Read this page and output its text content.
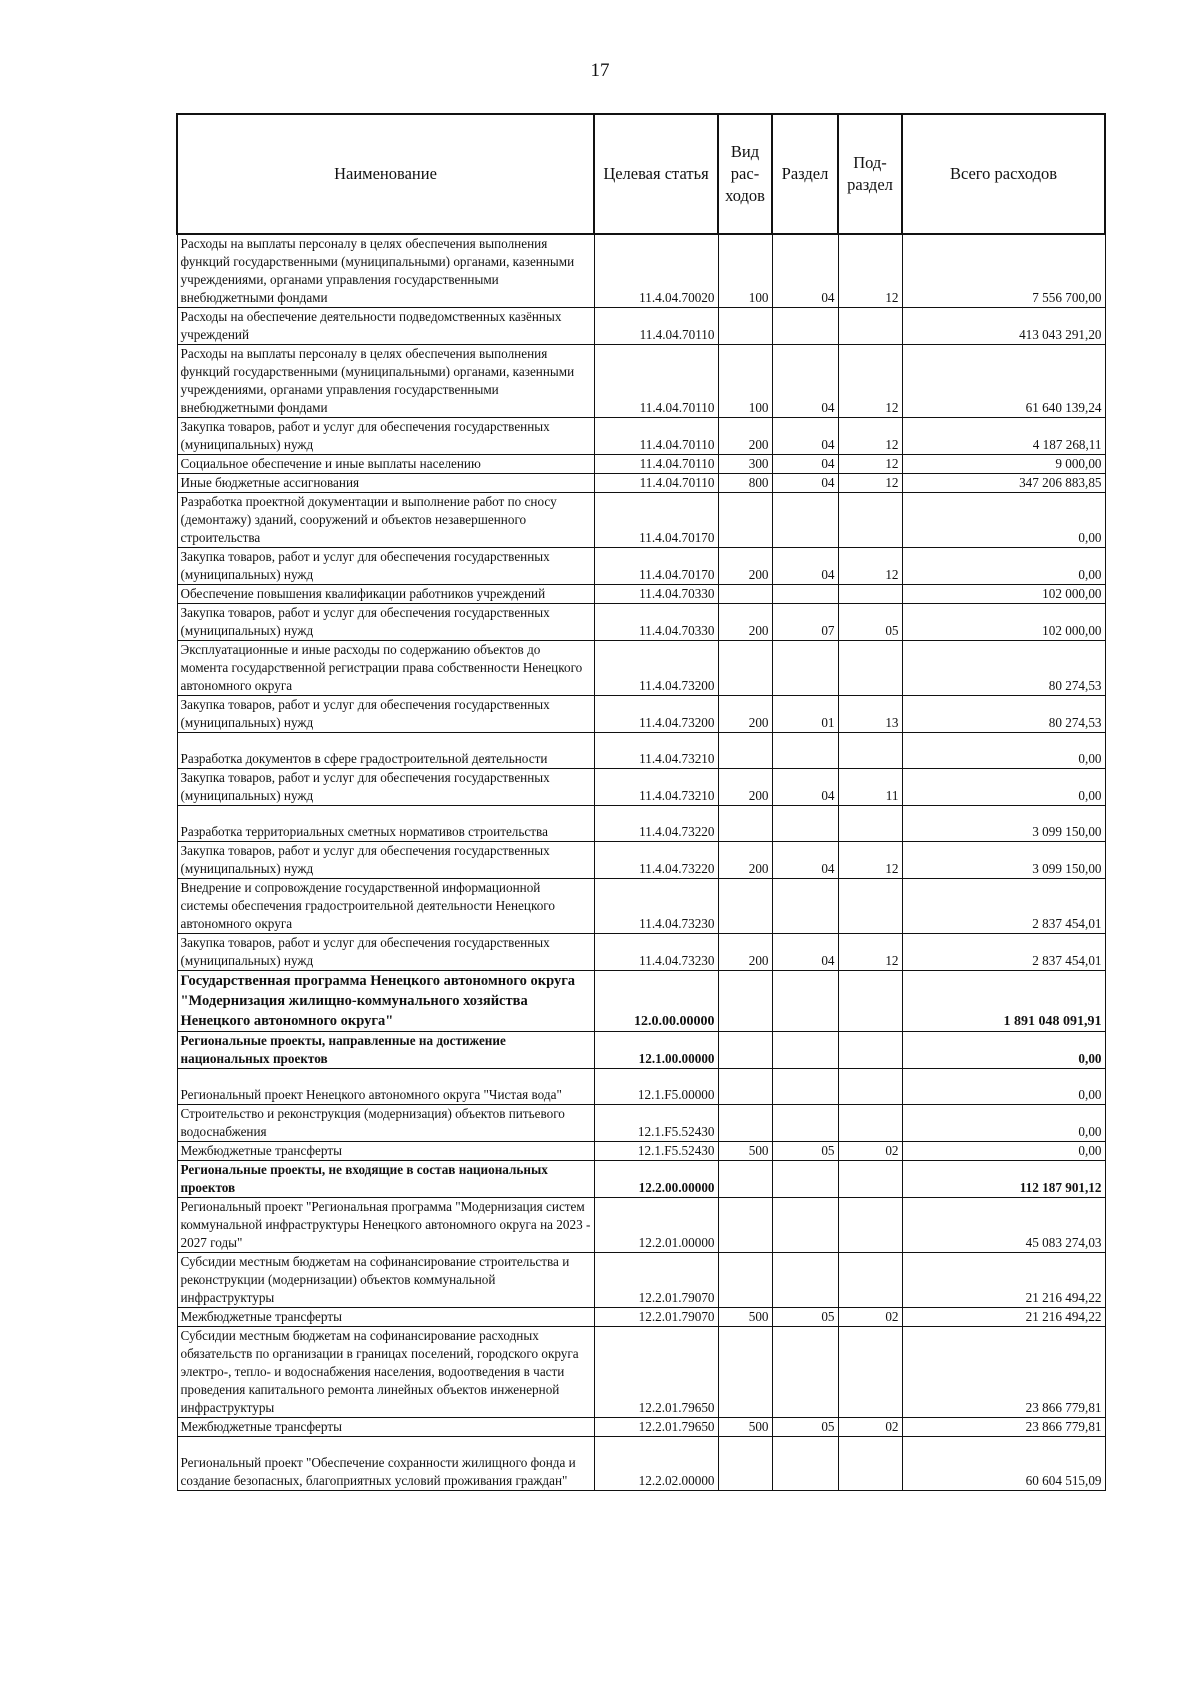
17
Наименование	Целевая статья	Вид рас-ходов	Раздел	Под-раздел	Всего расходов
Расходы на выплаты персоналу в целях обеспечения выполнения функций государственными (муниципальными) органами, казенными учреждениями, органами управления государственными внебюджетными фондами	11.4.04.70020	100	04	12	7 556 700,00
Расходы на обеспечение деятельности подведомственных казённых учреждений	11.4.04.70110				413 043 291,20
Расходы на выплаты персоналу в целях обеспечения выполнения функций государственными (муниципальными) органами, казенными учреждениями, органами управления государственными внебюджетными фондами	11.4.04.70110	100	04	12	61 640 139,24
Закупка товаров, работ и услуг для обеспечения государственных (муниципальных) нужд	11.4.04.70110	200	04	12	4 187 268,11
Социальное обеспечение и иные выплаты населению	11.4.04.70110	300	04	12	9 000,00
Иные бюджетные ассигнования	11.4.04.70110	800	04	12	347 206 883,85
Разработка проектной документации и выполнение работ по сносу (демонтажу) зданий, сооружений и объектов незавершенного строительства	11.4.04.70170				0,00
Закупка товаров, работ и услуг для обеспечения государственных (муниципальных) нужд	11.4.04.70170	200	04	12	0,00
Обеспечение повышения квалификации работников учреждений	11.4.04.70330				102 000,00
Закупка товаров, работ и услуг для обеспечения государственных (муниципальных) нужд	11.4.04.70330	200	07	05	102 000,00
Эксплуатационные и иные расходы по содержанию объектов до момента государственной регистрации права собственности Ненецкого автономного округа	11.4.04.73200				80 274,53
Закупка товаров, работ и услуг для обеспечения государственных (муниципальных) нужд	11.4.04.73200	200	01	13	80 274,53
Разработка документов в сфере градостроительной деятельности	11.4.04.73210				0,00
Закупка товаров, работ и услуг для обеспечения государственных (муниципальных) нужд	11.4.04.73210	200	04	11	0,00
Разработка территориальных сметных нормативов строительства	11.4.04.73220				3 099 150,00
Закупка товаров, работ и услуг для обеспечения государственных (муниципальных) нужд	11.4.04.73220	200	04	12	3 099 150,00
Внедрение и сопровождение государственной информационной системы обеспечения градостроительной деятельности Ненецкого автономного округа	11.4.04.73230				2 837 454,01
Закупка товаров, работ и услуг для обеспечения государственных (муниципальных) нужд	11.4.04.73230	200	04	12	2 837 454,01
Государственная программа Ненецкого автономного округа "Модернизация жилищно-коммунального хозяйства Ненецкого автономного округа"	12.0.00.00000				1 891 048 091,91
Региональные проекты, направленные на достижение национальных проектов	12.1.00.00000				0,00
Региональный проект Ненецкого автономного округа "Чистая вода"	12.1.F5.00000				0,00
Строительство и реконструкция (модернизация) объектов питьевого водоснабжения	12.1.F5.52430				0,00
Межбюджетные трансферты	12.1.F5.52430	500	05	02	0,00
Региональные проекты, не входящие в состав национальных проектов	12.2.00.00000				112 187 901,12
Региональный проект "Региональная программа "Модернизация систем коммунальной инфраструктуры Ненецкого автономного округа на 2023 - 2027 годы"	12.2.01.00000				45 083 274,03
Субсидии местным бюджетам на софинансирование строительства и реконструкции (модернизации) объектов коммунальной инфраструктуры	12.2.01.79070				21 216 494,22
Межбюджетные трансферты	12.2.01.79070	500	05	02	21 216 494,22
Субсидии местным бюджетам на софинансирование расходных обязательств по организации в границах поселений, городского округа электро-, тепло- и водоснабжения населения, водоотведения в части проведения капитального ремонта линейных объектов инженерной инфраструктуры	12.2.01.79650				23 866 779,81
Межбюджетные трансферты	12.2.01.79650	500	05	02	23 866 779,81
Региональный проект "Обеспечение сохранности жилищного фонда и создание безопасных, благоприятных условий проживания граждан"	12.2.02.00000				60 604 515,09
